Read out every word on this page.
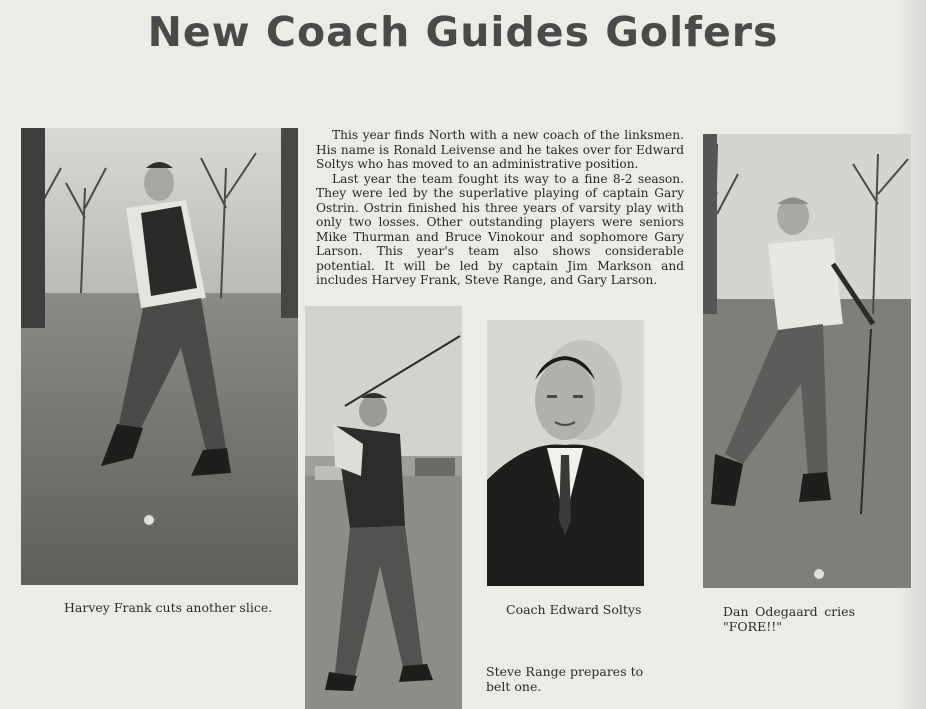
New Coach Guides Golfers

This year finds North with a new coach of the linksmen. His name is Ronald Leivense and he takes over for Edward Soltys who has moved to an administrative position.

Last year the team fought its way to a fine 8-2 season. They were led by the superlative playing of captain Gary Ostrin. Ostrin finished his three years of varsity play with only two losses. Other outstanding players were seniors Mike Thurman and Bruce Vinokour and sophomore Gary Larson. This year's team also shows considerable potential. It will be led by captain Jim Markson and includes Harvey Frank, Steve Range, and Gary Larson.

Harvey Frank cuts another slice.
Steve Range prepares to belt one.
Coach Edward Soltys	Dan Odegaard cries "FORE!!"
